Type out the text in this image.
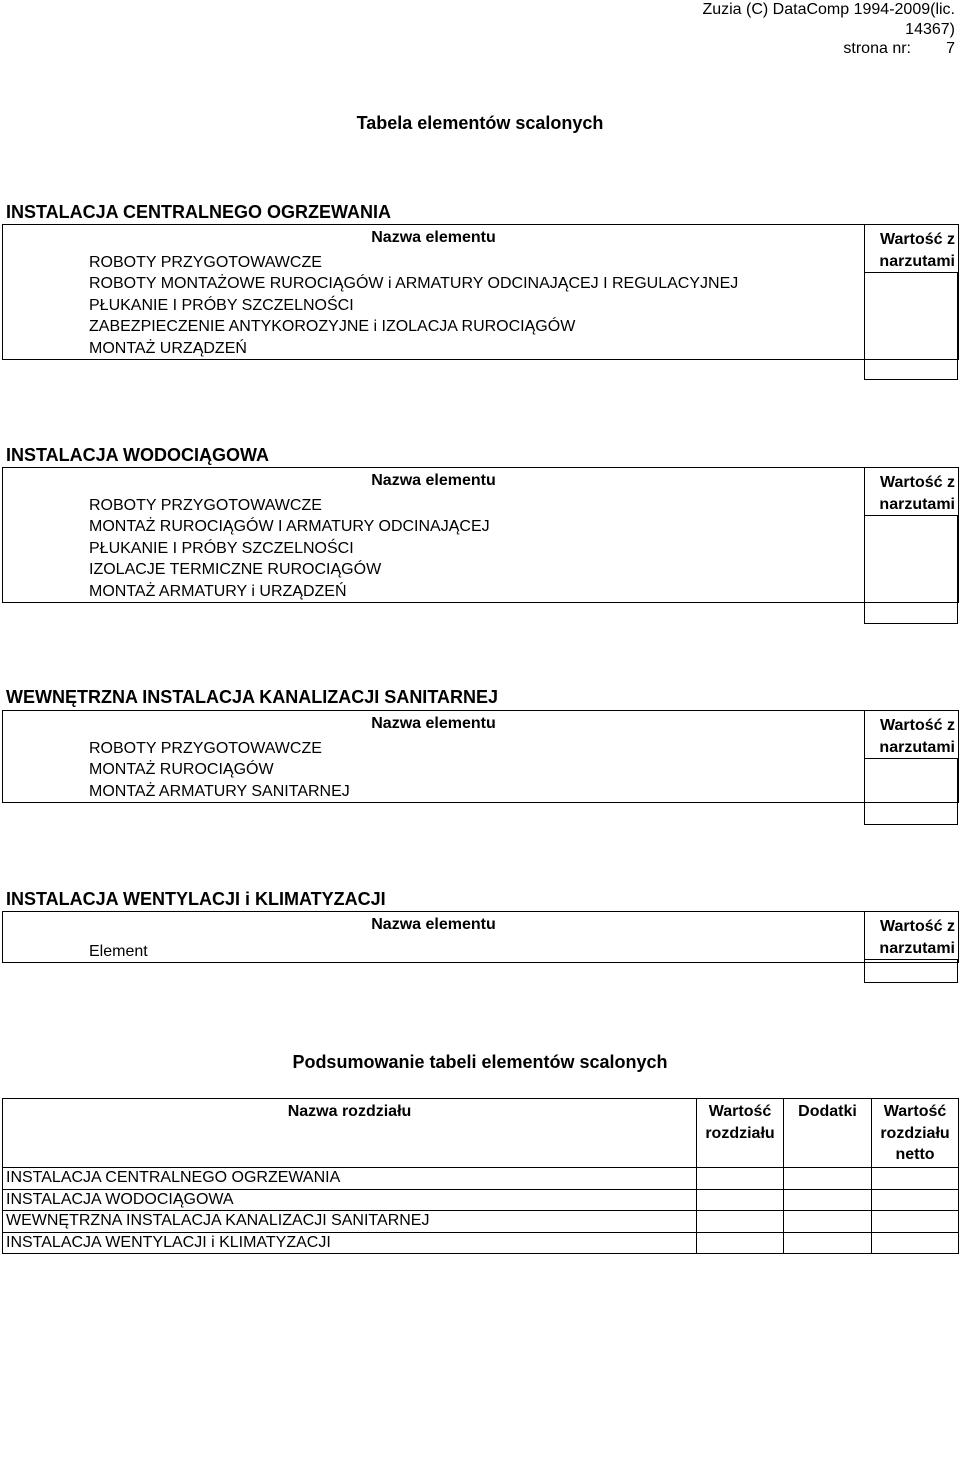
Zuzia (C) DataComp 1994-2009(lic.
14367)
strona nr: 7
Tabela elementów scalonych
INSTALACJA CENTRALNEGO OGRZEWANIA
Nazwa elementu	Wartość z narzutami

ROBOTY PRZYGOTOWAWCZE
ROBOTY MONTAŻOWE RUROCIĄGÓW i ARMATURY ODCINAJĄCEJ I REGULACYJNEJ
PŁUKANIE I PRÓBY SZCZELNOŚCI
ZABEZPIECZENIE ANTYKOROZYJNE i IZOLACJA RUROCIĄGÓW
MONTAŻ URZĄDZEŃ
INSTALACJA WODOCIĄGOWA
Nazwa elementu	Wartość z narzutami

ROBOTY PRZYGOTOWAWCZE
MONTAŻ RUROCIĄGÓW I ARMATURY ODCINAJĄCEJ
PŁUKANIE I PRÓBY SZCZELNOŚCI
IZOLACJE TERMICZNE RUROCIĄGÓW
MONTAŻ ARMATURY i URZĄDZEŃ
WEWNĘTRZNA INSTALACJA KANALIZACJI SANITARNEJ
Nazwa elementu	Wartość z narzutami

ROBOTY PRZYGOTOWAWCZE
MONTAŻ RUROCIĄGÓW
MONTAŻ ARMATURY SANITARNEJ
INSTALACJA WENTYLACJI i KLIMATYZACJI
Nazwa elementu	Wartość z narzutami

Element
Podsumowanie tabeli elementów scalonych
Nazwa rozdziału	Wartość rozdziału	Dodatki	Wartość rozdziału netto
INSTALACJA CENTRALNEGO OGRZEWANIA			
INSTALACJA WODOCIĄGOWA			
WEWNĘTRZNA INSTALACJA KANALIZACJI SANITARNEJ			
INSTALACJA WENTYLACJI i KLIMATYZACJI			
